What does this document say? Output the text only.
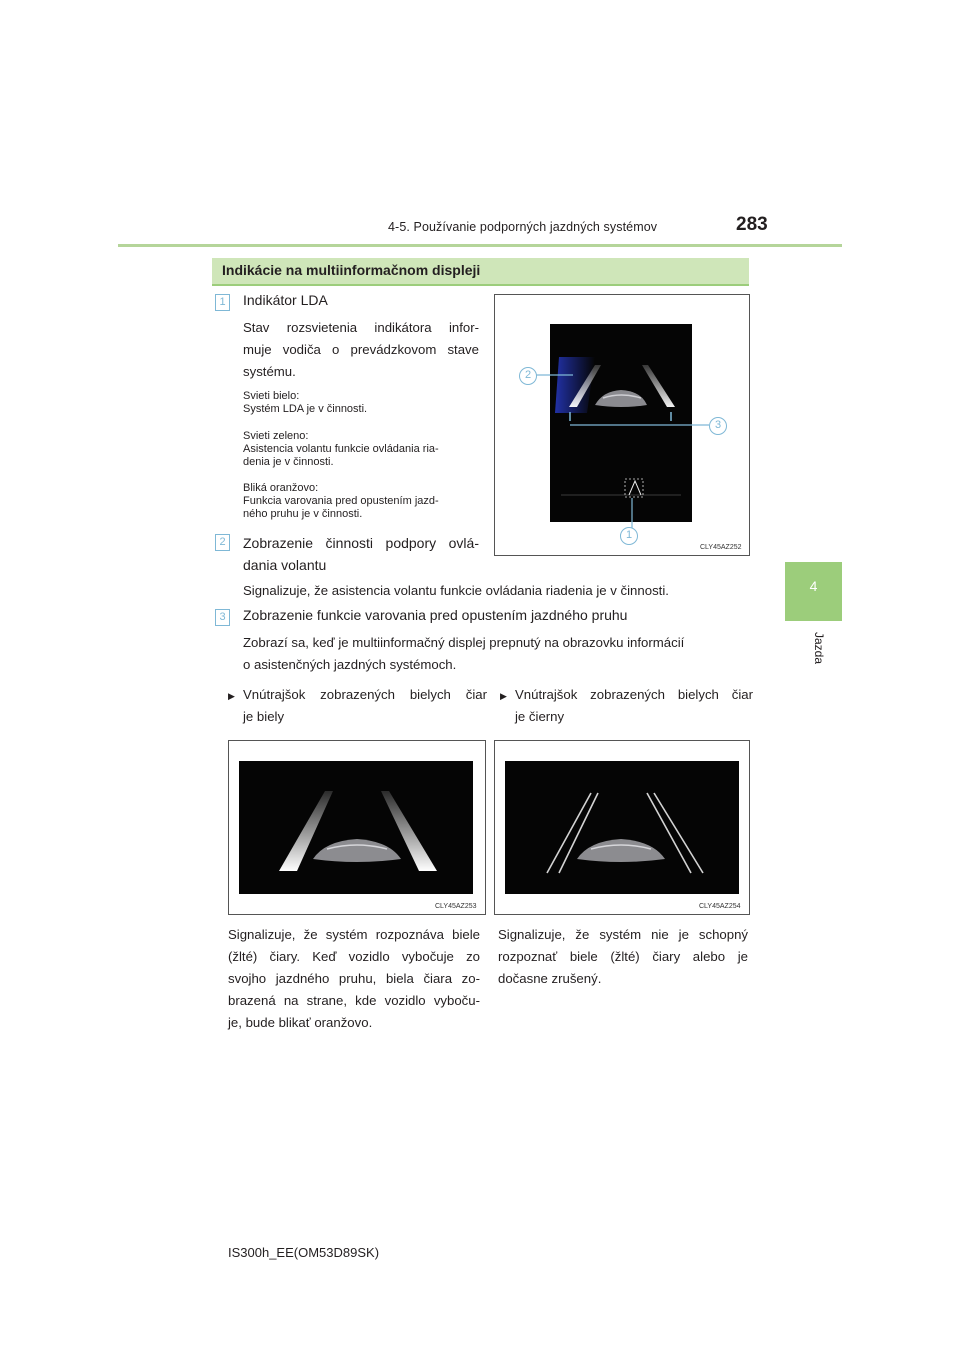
4-5. Používanie podporných jazdných systémov	283
4
Jazda
Indikácie na multiinformačnom displeji
1	Indikátor LDA
Stav rozsvietenia indikátora infor-
muje vodiča o prevádzkovom stave
systému.
Svieti bielo:
Systém LDA je v činnosti.
Svieti zeleno:
Asistencia volantu funkcie ovládania ria-
denia je v činnosti.
Bliká oranžovo:
Funkcia varovania pred opustením jazd-
ného pruhu je v činnosti.
2
3
1
CLY45AZ252
2	Zobrazenie činnosti podpory ovlá-
dania volantu
Signalizuje, že asistencia volantu funkcie ovládania riadenia je v činnosti.
3	Zobrazenie funkcie varovania pred opustením jazdného pruhu
Zobrazí sa, keď je multiinformačný displej prepnutý na obrazovku informácií
o asistenčných jazdných systémoch.
▶ Vnútrajšok zobrazených bielych čiar
je biely
CLY45AZ253
Signalizuje, že systém rozpoznáva biele
(žlté) čiary. Keď vozidlo vybočuje zo
svojho jazdného pruhu, biela čiara zo-
brazená na strane, kde vozidlo vyboču-
je, bude blikať oranžovo.
▶ Vnútrajšok zobrazených bielych čiar
je čierny
CLY45AZ254
Signalizuje, že systém nie je schopný
rozpoznať biele (žlté) čiary alebo je
dočasne zrušený.
IS300h_EE(OM53D89SK)
